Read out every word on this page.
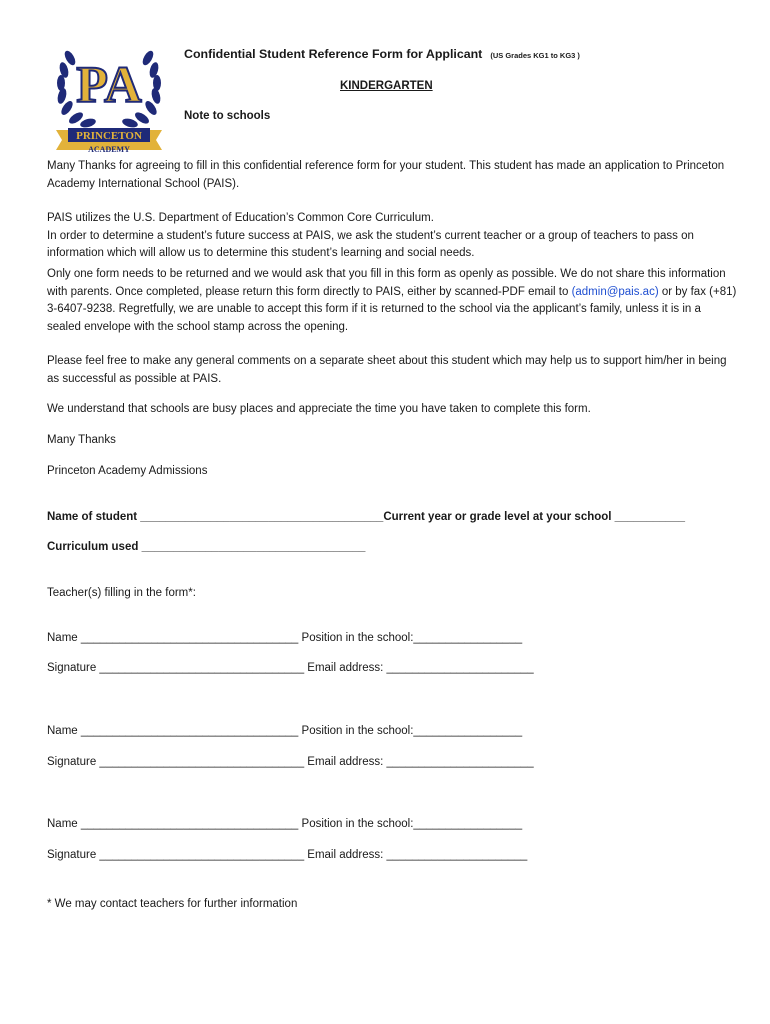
PA
PRINCETON
ACADEMY
Confidential Student Reference Form for Applicant (US Grades KG1 to KG3 )
KINDERGARTEN
Note to schools

Many Thanks for agreeing to fill in this confidential reference form for your student. This student has made an application to Princeton Academy International School (PAIS).

PAIS utilizes the U.S. Department of Education’s Common Core Curriculum.

In order to determine a student’s future success at PAIS, we ask the student’s current teacher or a group of teachers to pass on information which will allow us to determine this student’s learning and social needs.

Only one form needs to be returned and we would ask that you fill in this form as openly as possible. We do not share this information with parents. Once completed, please return this form directly to PAIS, either by scanned-PDF email to (admin@pais.ac) or by fax (+81) 3-6407-9238. Regretfully, we are unable to accept this form if it is returned to the school via the applicant’s family, unless it is in a sealed envelope with the school stamp across the opening.

Please feel free to make any general comments on a separate sheet about this student which may help us to support him/her in being as successful as possible at PAIS.

We understand that schools are busy places and appreciate the time you have taken to complete this form.

Many Thanks

Princeton Academy Admissions

Name of student ______________________________________Current year or grade level at your school ___________
Curriculum used ___________________________________
Teacher(s) filling in the form*:
Name __________________________________ Position in the school:_________________
Signature ________________________________ Email address: _______________________
Name __________________________________ Position in the school:_________________
Signature ________________________________ Email address: _______________________
Name __________________________________ Position in the school:_________________
Signature ________________________________ Email address: ______________________
* We may contact teachers for further information
